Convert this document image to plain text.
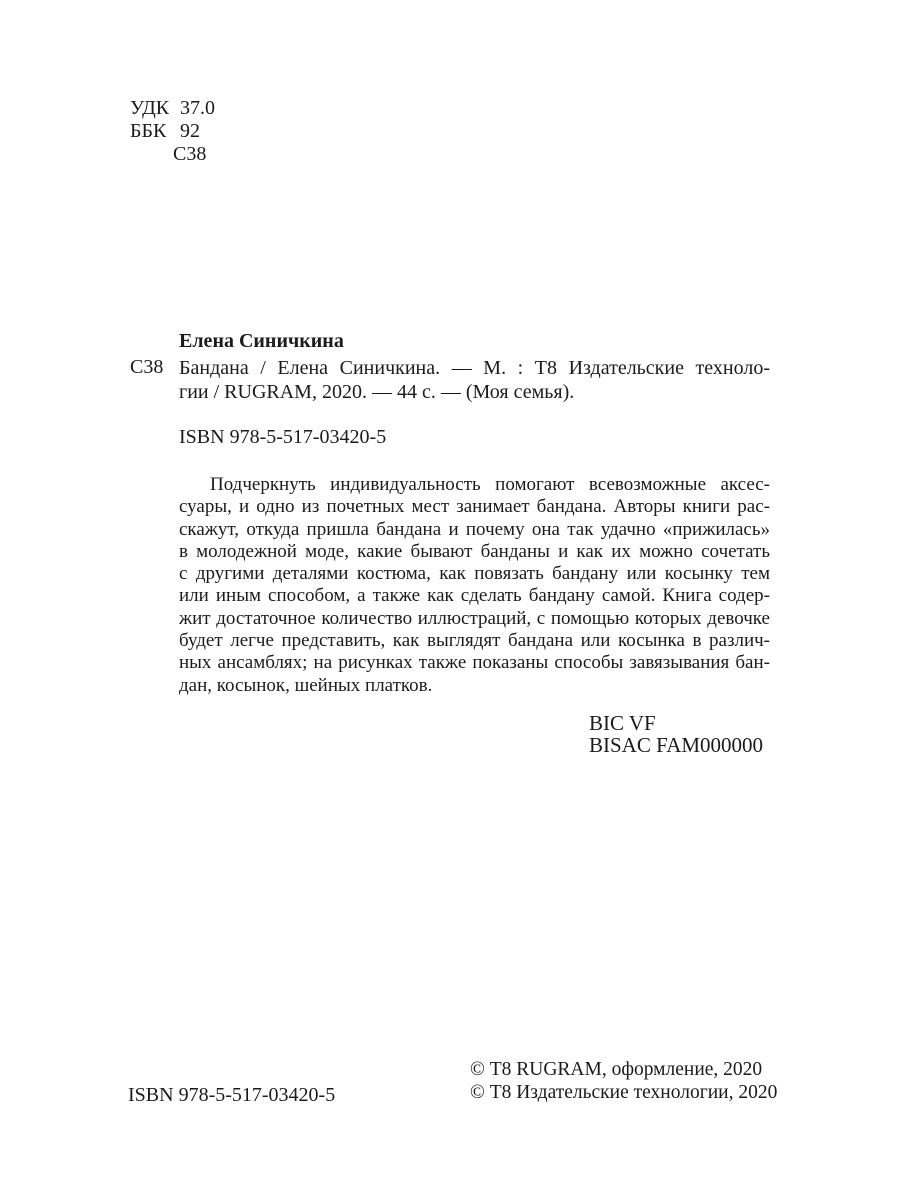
УДК 37.0
ББК 92
С38
Елена Синичкина
С38 Бандана / Елена Синичкина. — М. : Т8 Издательские техноло-
гии / RUGRAM, 2020. — 44 с. — (Моя семья).
ISBN 978-5-517-03420-5
Подчеркнуть индивидуальность помогают всевозможные аксес-
суары, и одно из почетных мест занимает бандана. Авторы книги рас-
скажут, откуда пришла бандана и почему она так удачно «прижилась»
в молодежной моде, какие бывают банданы и как их можно сочетать
с другими деталями костюма, как повязать бандану или косынку тем
или иным способом, а также как сделать бандану самой. Книга содер-
жит достаточное количество иллюстраций, с помощью которых девочке
будет легче представить, как выглядят бандана или косынка в различ-
ных ансамблях; на рисунках также показаны способы завязывания бан-
дан, косынок, шейных платков.
BIC VF
BISAC FAM000000
© Т8 RUGRAM, оформление, 2020
© Т8 Издательские технологии, 2020
ISBN 978-5-517-03420-5
